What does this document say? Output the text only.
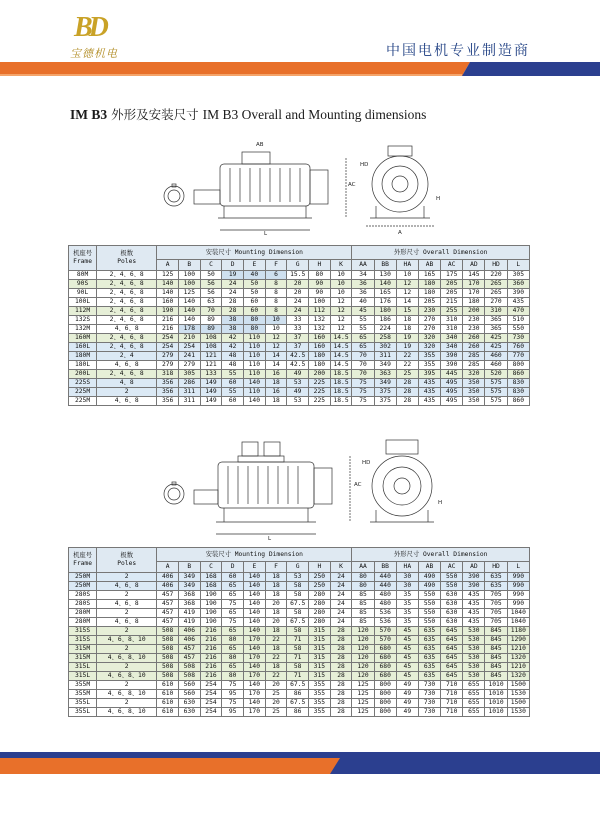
BD
宝德机电	中国电机专业制造商
IM B3 外形及安装尺寸 IM B3 Overall and Mounting dimensions
AB
L
AC
HD
H
A
机座号
Frame	极数
Poles	安装尺寸 Mounting Dimension									外形尺寸 Overall Dimension							
		A	B	C	D	E	F	G	H	K	AA	BB	HA	AB	AC	AD	HD	L
80M	2、4、6、8	125	100	50	19	40	6	15.5	80	10	34	130	10	165	175	145	220	305
90S	2、4、6、8	140	100	56	24	50	8	20	90	10	36	140	12	180	205	170	265	360
90L	2、4、6、8	140	125	56	24	50	8	20	90	10	36	165	12	180	205	170	265	390
100L	2、4、6、8	160	140	63	28	60	8	24	100	12	40	176	14	205	215	180	270	435
112M	2、4、6、8	190	140	70	28	60	8	24	112	12	45	180	15	230	255	200	310	470
132S	2、4、6、8	216	140	89	38	80	10	33	132	12	55	186	18	270	310	230	365	510
132M	4、6、8	216	178	89	38	80	10	33	132	12	55	224	18	270	310	230	365	550
160M	2、4、6、8	254	210	108	42	110	12	37	160	14.5	65	258	19	320	340	260	425	730
160L	2、4、6、8	254	254	108	42	110	12	37	160	14.5	65	302	19	320	340	260	425	760
180M	2、4	279	241	121	48	110	14	42.5	180	14.5	70	311	22	355	390	285	460	770
180L	4、6、8	279	279	121	48	110	14	42.5	180	14.5	70	349	22	355	390	285	460	800
200L	2、4、6、8	318	305	133	55	110	16	49	200	18.5	70	363	25	395	445	320	520	860
225S	4、8	356	286	149	60	140	18	53	225	18.5	75	349	28	435	495	350	575	830
225M	2	356	311	149	55	110	16	49	225	18.5	75	375	28	435	495	350	575	830
225M	4、6、8	356	311	149	60	140	18	53	225	18.5	75	375	28	435	495	350	575	860
L
AC
HD
H
机座号
Frame	极数
Poles	安装尺寸 Mounting Dimension									外形尺寸 Overall Dimension							
		A	B	C	D	E	F	G	H	K	AA	BB	HA	AB	AC	AD	HD	L
250M	2	406	349	168	60	140	18	53	250	24	80	440	30	490	550	390	635	990
250M	4、6、8	406	349	168	65	140	18	58	250	24	80	440	30	490	550	390	635	990
280S	2	457	368	190	65	140	18	58	280	24	85	480	35	550	630	435	705	990
280S	4、6、8	457	368	190	75	140	20	67.5	280	24	85	480	35	550	630	435	705	990
280M	2	457	419	190	65	140	18	58	280	24	85	536	35	550	630	435	705	1040
280M	4、6、8	457	419	190	75	140	20	67.5	280	24	85	536	35	550	630	435	705	1040
315S	2	508	406	216	65	140	18	58	315	28	120	570	45	635	645	530	845	1180
315S	4、6、8、10	508	406	216	80	170	22	71	315	28	120	570	45	635	645	530	845	1290
315M	2	508	457	216	65	140	18	58	315	28	120	680	45	635	645	530	845	1210
315M	4、6、8、10	508	457	216	80	170	22	71	315	28	120	680	45	635	645	530	845	1320
315L	2	508	508	216	65	140	18	58	315	28	120	680	45	635	645	530	845	1210
315L	4、6、8、10	508	508	216	80	170	22	71	315	28	120	680	45	635	645	530	845	1320
355M	2	610	560	254	75	140	20	67.5	355	28	125	800	49	730	710	655	1010	1500
355M	4、6、8、10	610	560	254	95	170	25	86	355	28	125	800	49	730	710	655	1010	1530
355L	2	610	630	254	75	140	20	67.5	355	28	125	800	49	730	710	655	1010	1500
355L	4、6、8、10	610	630	254	95	170	25	86	355	28	125	800	49	730	710	655	1010	1530
